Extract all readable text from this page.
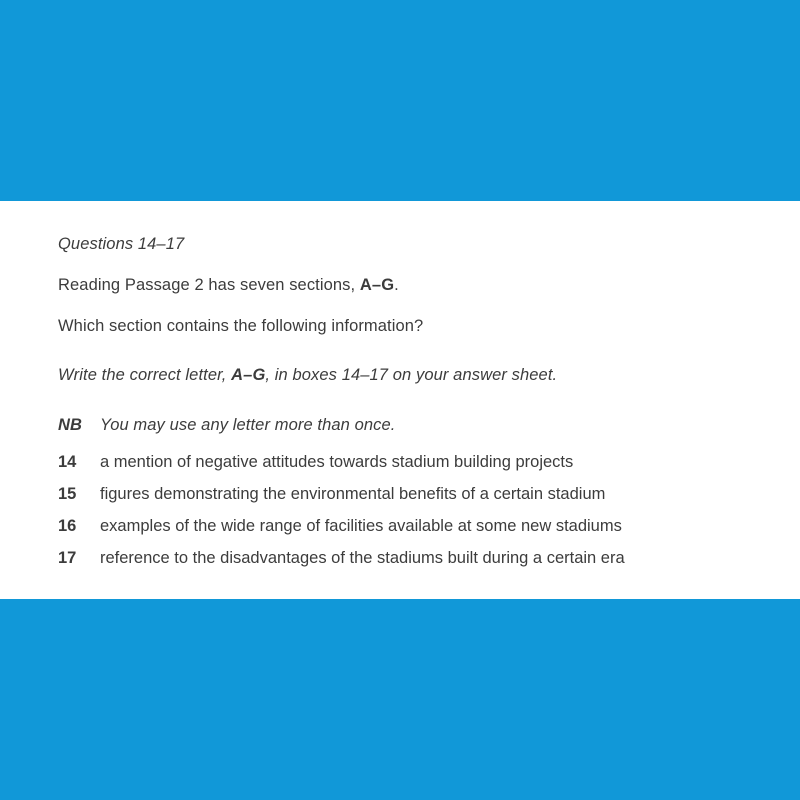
Questions 14–17
Reading Passage 2 has seven sections, A–G.
Which section contains the following information?
Write the correct letter, A–G, in boxes 14–17 on your answer sheet.
NB You may use any letter more than once.
14 a mention of negative attitudes towards stadium building projects
15 figures demonstrating the environmental benefits of a certain stadium
16 examples of the wide range of facilities available at some new stadiums
17 reference to the disadvantages of the stadiums built during a certain era
